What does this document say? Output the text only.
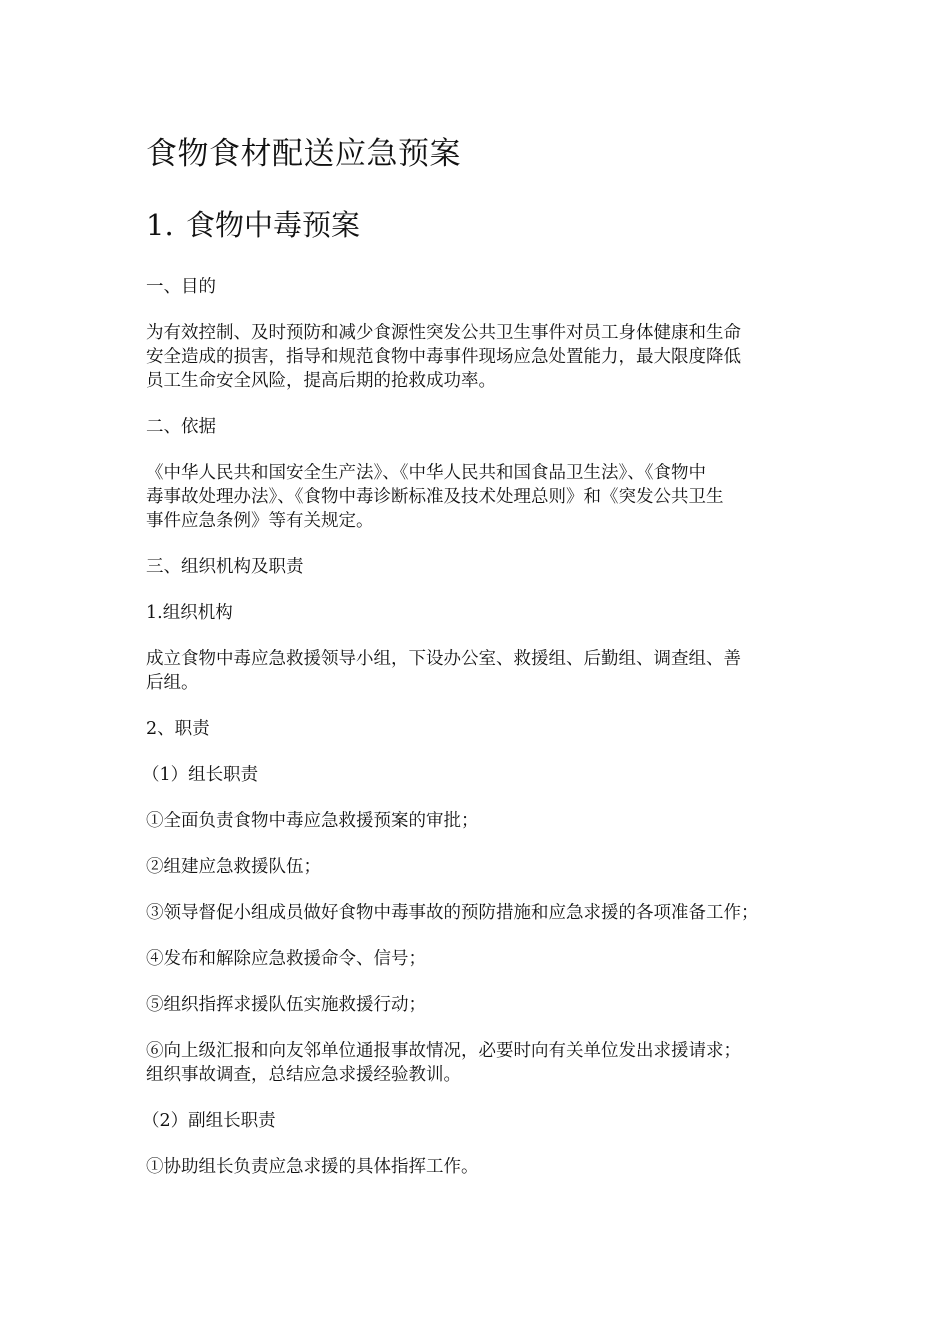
食物食材配送应急预案
1. 食物中毒预案

一、目的

为有效控制、及时预防和减少食源性突发公共卫生事件对员工身体健康和生命
安全造成的损害，指导和规范食物中毒事件现场应急处置能力，最大限度降低
员工生命安全风险，提高后期的抢救成功率。

二、依据

《中华人民共和国安全生产法》、《中华人民共和国食品卫生法》、《食物中
毒事故处理办法》、《食物中毒诊断标准及技术处理总则》和《突发公共卫生
事件应急条例》等有关规定。

三、组织机构及职责

1.组织机构

成立食物中毒应急救援领导小组，下设办公室、救援组、后勤组、调查组、善
后组。

2、职责

（1）组长职责

①全面负责食物中毒应急救援预案的审批；

②组建应急救援队伍；

③领导督促小组成员做好食物中毒事故的预防措施和应急求援的各项准备工作；

④发布和解除应急救援命令、信号；

⑤组织指挥求援队伍实施救援行动；

⑥向上级汇报和向友邻单位通报事故情况，必要时向有关单位发出求援请求；
组织事故调查，总结应急求援经验教训。

（2）副组长职责

①协助组长负责应急求援的具体指挥工作。
